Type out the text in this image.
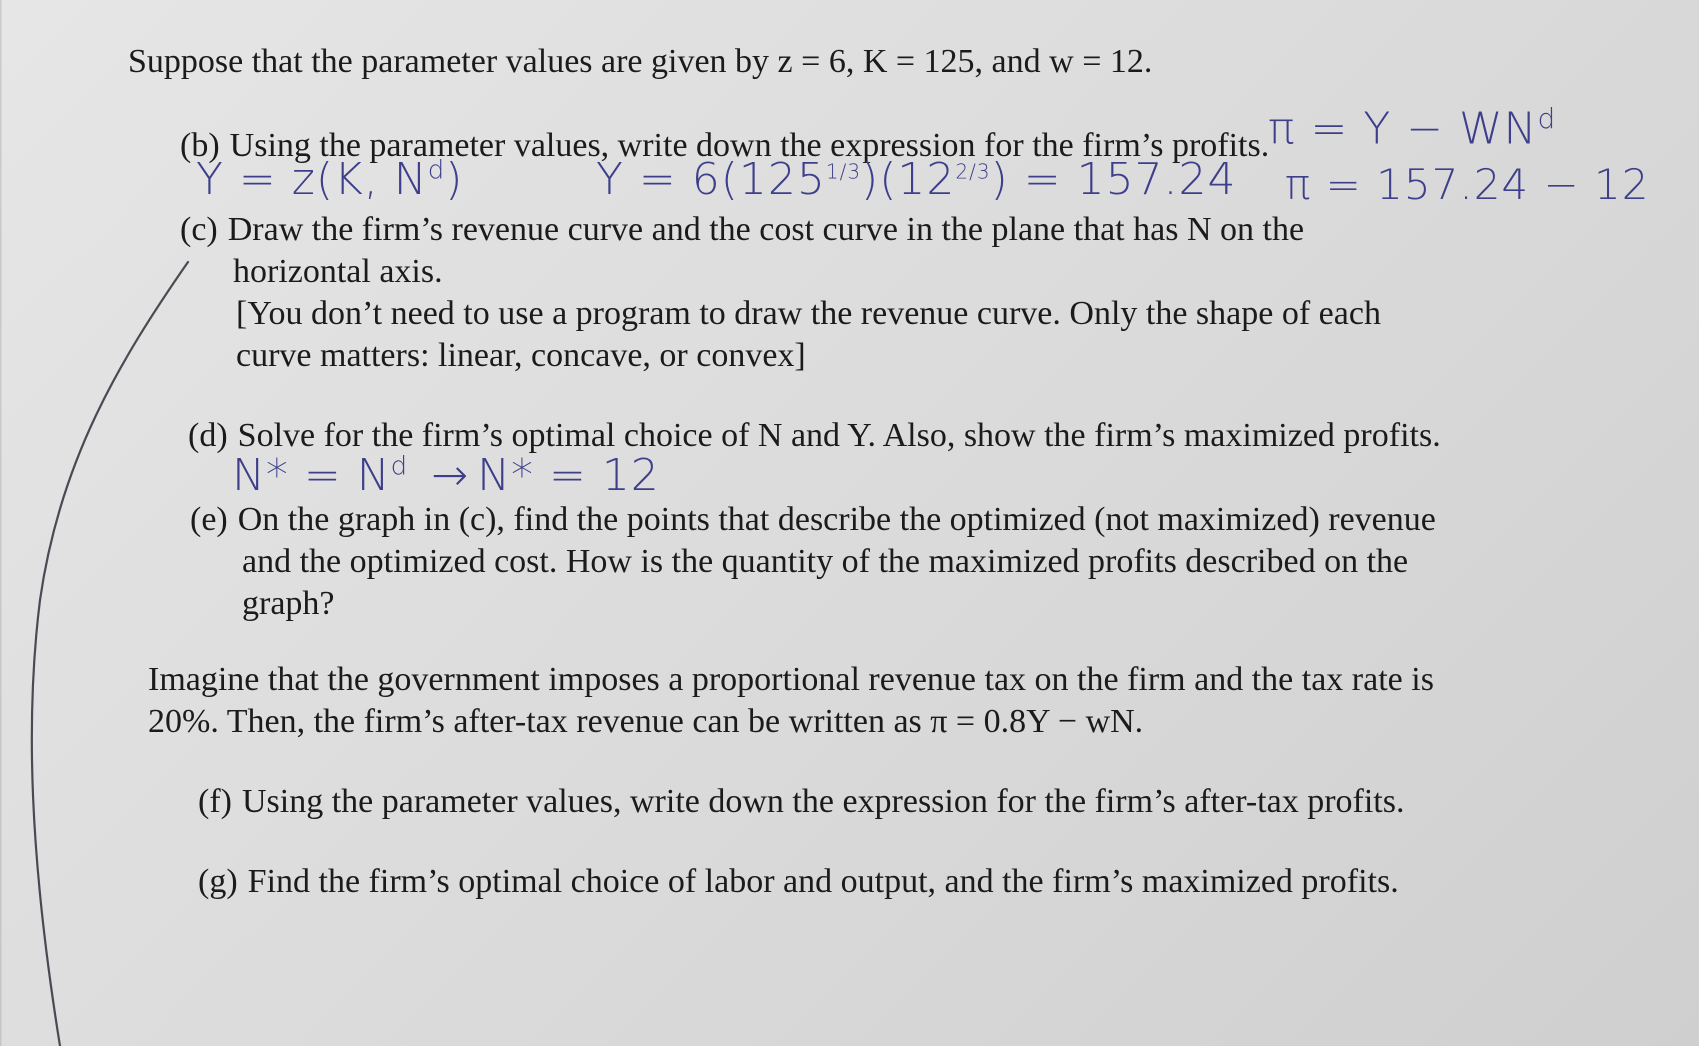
Suppose that the parameter values are given by z = 6, K = 125, and w = 12.

(b) Using the parameter values, write down the expression for the firm’s profits.

$\pi = Y - WN^d$
Y = z(K, $N^d$)	$Y = 6(125^{1/3})(12^{2/3}) = 157.24$ π = 157.24 − 12

(c) Draw the firm’s revenue curve and the cost curve in the plane that has N on the

horizontal axis.

[You don’t need to use a program to draw the revenue curve. Only the shape of each

curve matters: linear, concave, or convex]

(d) Solve for the firm’s optimal choice of N and Y. Also, show the firm’s maximized profits.

$N* = N^d \to N* = 12$

(e) On the graph in (c), find the points that describe the optimized (not maximized) revenue

and the optimized cost. How is the quantity of the maximized profits described on the

graph?

Imagine that the government imposes a proportional revenue tax on the firm and the tax rate is

20%. Then, the firm’s after-tax revenue can be written as π = 0.8Y − wN.

(f) Using the parameter values, write down the expression for the firm’s after-tax profits.

(g) Find the firm’s optimal choice of labor and output, and the firm’s maximized profits.
